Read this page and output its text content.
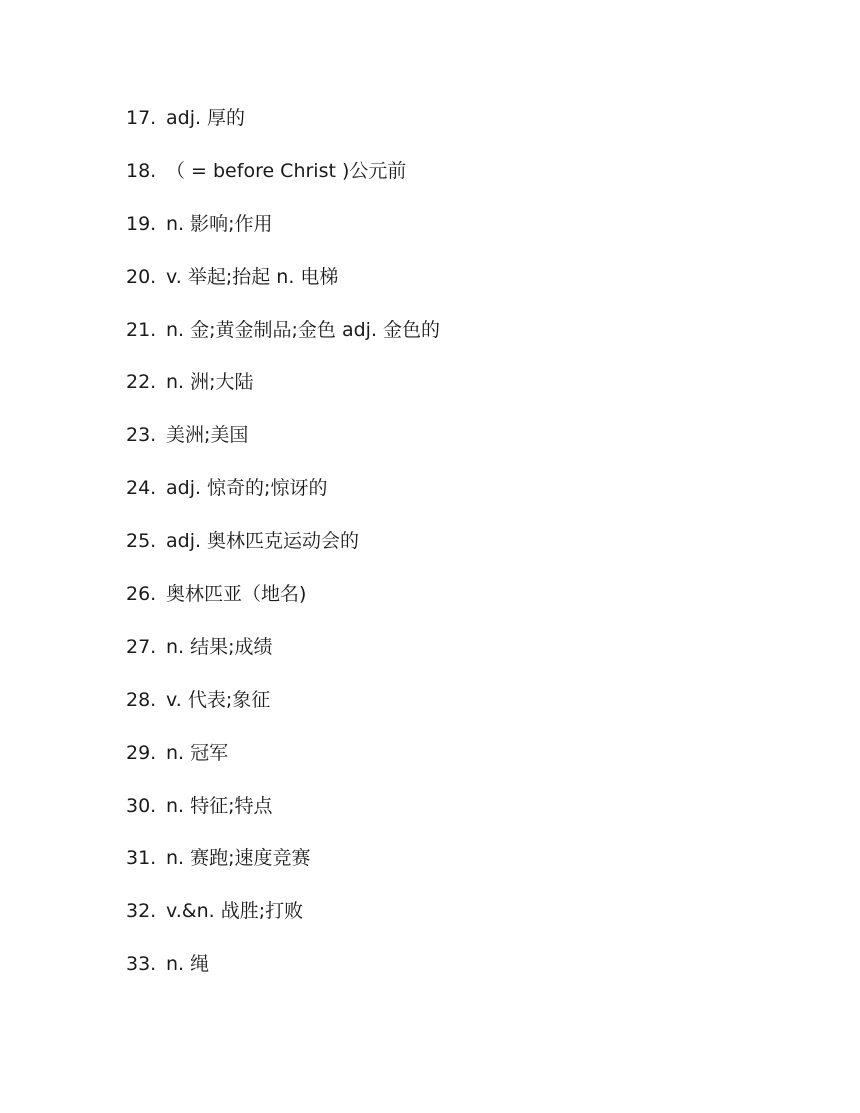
17. adj. 厚的
18. （ = before Christ )公元前
19. n. 影响;作用
20. v. 举起;抬起 n. 电梯
21. n. 金;黄金制品;金色 adj. 金色的
22. n. 洲;大陆
23. 美洲;美国
24. adj. 惊奇的;惊讶的
25. adj. 奥林匹克运动会的
26. 奥林匹亚（地名)
27. n. 结果;成绩
28. v. 代表;象征
29. n. 冠军
30. n. 特征;特点
31. n. 赛跑;速度竞赛
32. v.&n. 战胜;打败
33. n. 绳
